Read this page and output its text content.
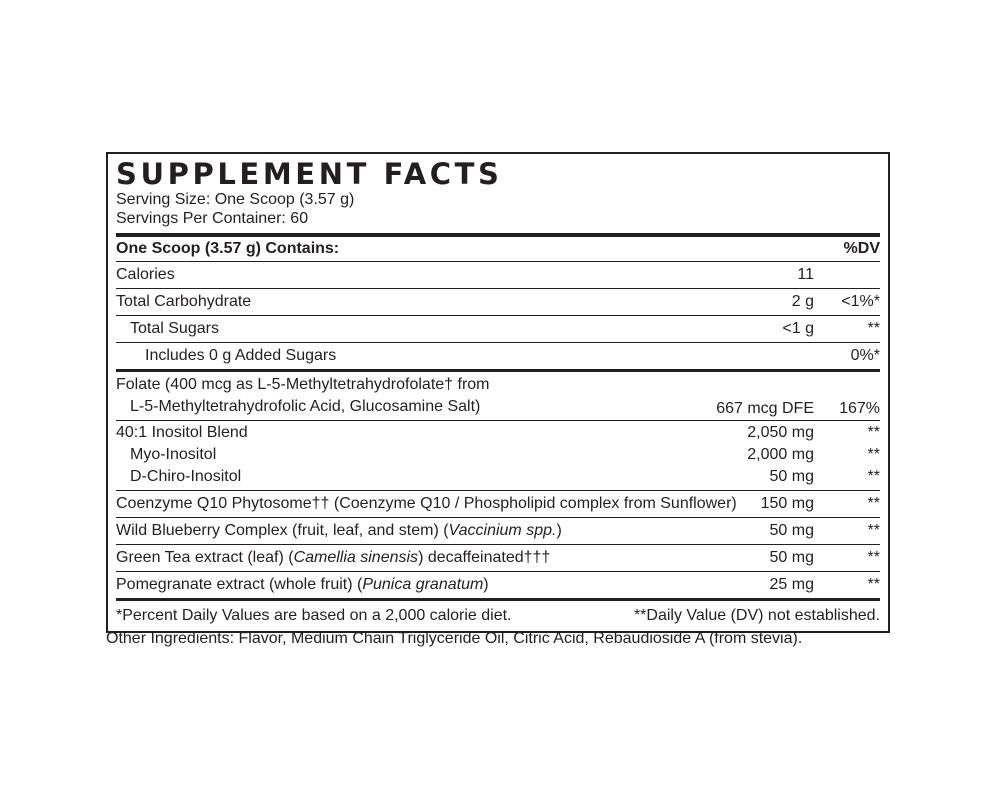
SUPPLEMENT FACTS
Serving Size: One Scoop (3.57 g)
Servings Per Container: 60
One Scoop (3.57 g) Contains:	%DV
Calories	11
Total Carbohydrate	2 g	<1%*
Total Sugars	<1 g	**
Includes 0 g Added Sugars	0%*
Folate (400 mcg as L-5-Methyltetrahydrofolate† from
L-5-Methyltetrahydrofolic Acid, Glucosamine Salt)	667 mcg DFE	167%
40:1 Inositol Blend	2,050 mg	**
Myo-Inositol	2,000 mg	**
D-Chiro-Inositol	50 mg	**
Coenzyme Q10 Phytosome†† (Coenzyme Q10 / Phospholipid complex from Sunflower)	150 mg	**
Wild Blueberry Complex (fruit, leaf, and stem) (Vaccinium spp.)	50 mg	**
Green Tea extract (leaf) (Camellia sinensis) decaffeinated†††	50 mg	**
Pomegranate extract (whole fruit) (Punica granatum)	25 mg	**
*Percent Daily Values are based on a 2,000 calorie diet.	**Daily Value (DV) not established.
Other Ingredients: Flavor, Medium Chain Triglyceride Oil, Citric Acid, Rebaudioside A (from stevia).
